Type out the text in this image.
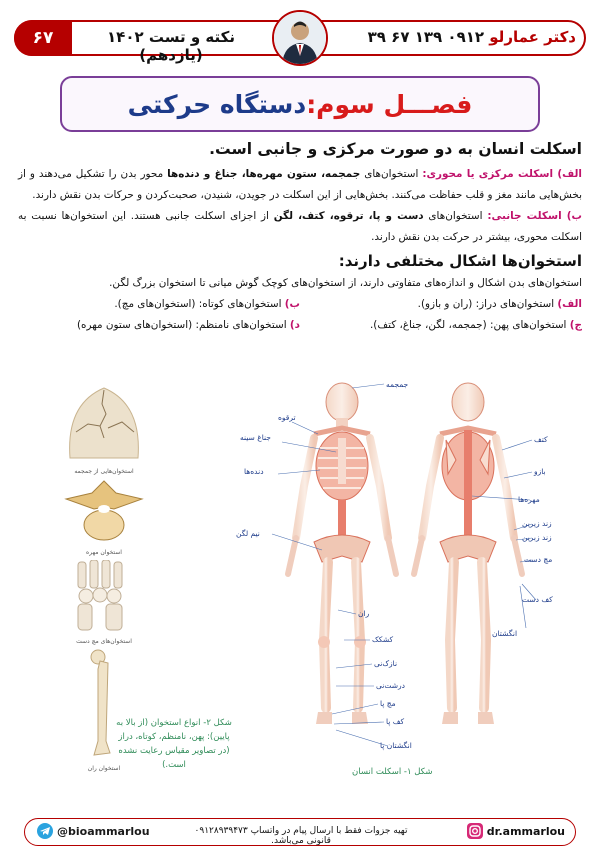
۶۷	نکته و تست ۱۴۰۲ (یازدهم)
دکتر عمارلو ۰۹۱۲ ۱۳۹ ۶۷ ۳۹
فصـــل سوم:
دستگاه حرکتی
اسکلت انسان به دو صورت مرکزی و جانبی است.
الف) اسکلت مرکزی یا محوری: استخوان‌های جمجمه، ستون مهره‌ها، جناغ و دنده‌ها محور بدن را تشکیل می‌دهند و از بخش‌هایی مانند مغز و قلب حفاظت می‌کنند. بخش‌هایی از این اسکلت در جویدن، شنیدن، صحبت‌کردن و حرکات بدن نقش دارند.
ب) اسکلت جانبی: استخوان‌های دست و پا، ترقوه، کتف، لگن از اجزای اسکلت جانبی هستند. این استخوان‌ها نسبت به اسکلت محوری، بیشتر در حرکت بدن نقش دارند.
استخوان‌ها اشکال مختلفی دارند:
استخوان‌های بدن اشکال و اندازه‌های متفاوتی دارند، از استخوان‌های کوچک گوش میانی تا استخوان بزرگ لگن.
الف) استخوان‌های دراز: (ران و بازو).
ب) استخوان‌های کوتاه: (استخوان‌های مچ).
ج) استخوان‌های پهن: (جمجمه، لگن، جناغ، کتف).
د) استخوان‌های نامنظم: (استخوان‌های ستون مهره)
استخوان‌هایی از جمجمه
استخوان مهره
استخوان‌های مچ دست
استخوان ران
شکل ۲- انواع استخوان (از بالا به پایین): پهن، نامنظم، کوتاه، دراز (در تصاویر مقیاس رعایت نشده است.)
جمجمه
ترقوه
جناغ سینه
دنده‌ها
نیم لگن
ران
کشکک
نازک‌نی
درشت‌نی
مچ پا
کف پا
انگشتان پا
کتف
بازو
مهره‌ها
زند زیرین
زند زبرین
مچ دست
کف دست
انگشتان
شکل ۱- اسکلت انسان
@bioammarlou	تهیه جزوات فقط با ارسال پیام در واتساپ ۰۹۱۲۸۹۳۹۴۷۳ قانونی می‌باشد.
dr.ammarlou
